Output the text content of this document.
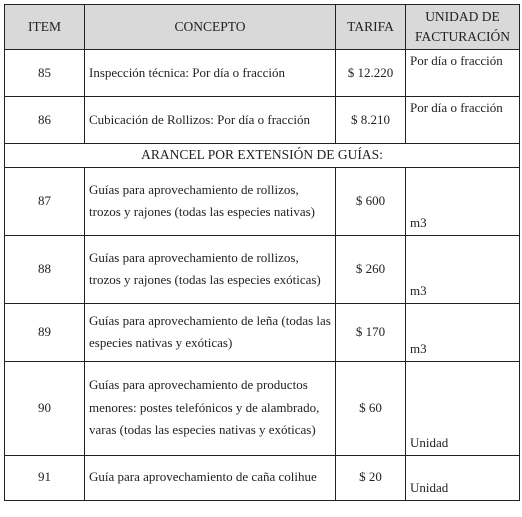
ITEM	CONCEPTO	TARIFA	UNIDAD DE FACTURACIÓN
85	Inspección técnica: Por día o fracción	$ 12.220	Por día o fracción
86	Cubicación de Rollizos: Por día o fracción	$ 8.210	Por día o fracción
ARANCEL POR EXTENSIÓN DE GUÍAS:			
87	Guías para aprovechamiento de rollizos, trozos y rajones (todas las especies nativas)	$ 600	m3
88	Guías para aprovechamiento de rollizos, trozos y rajones (todas las especies exóticas)	$ 260	m3
89	Guías para aprovechamiento de leña (todas las especies nativas y exóticas)	$ 170	m3
90	Guías para aprovechamiento de productos menores: postes telefónicos y de alambrado, varas (todas las especies nativas y exóticas)	$ 60	Unidad
91	Guía para aprovechamiento de caña colihue	$ 20	Unidad
